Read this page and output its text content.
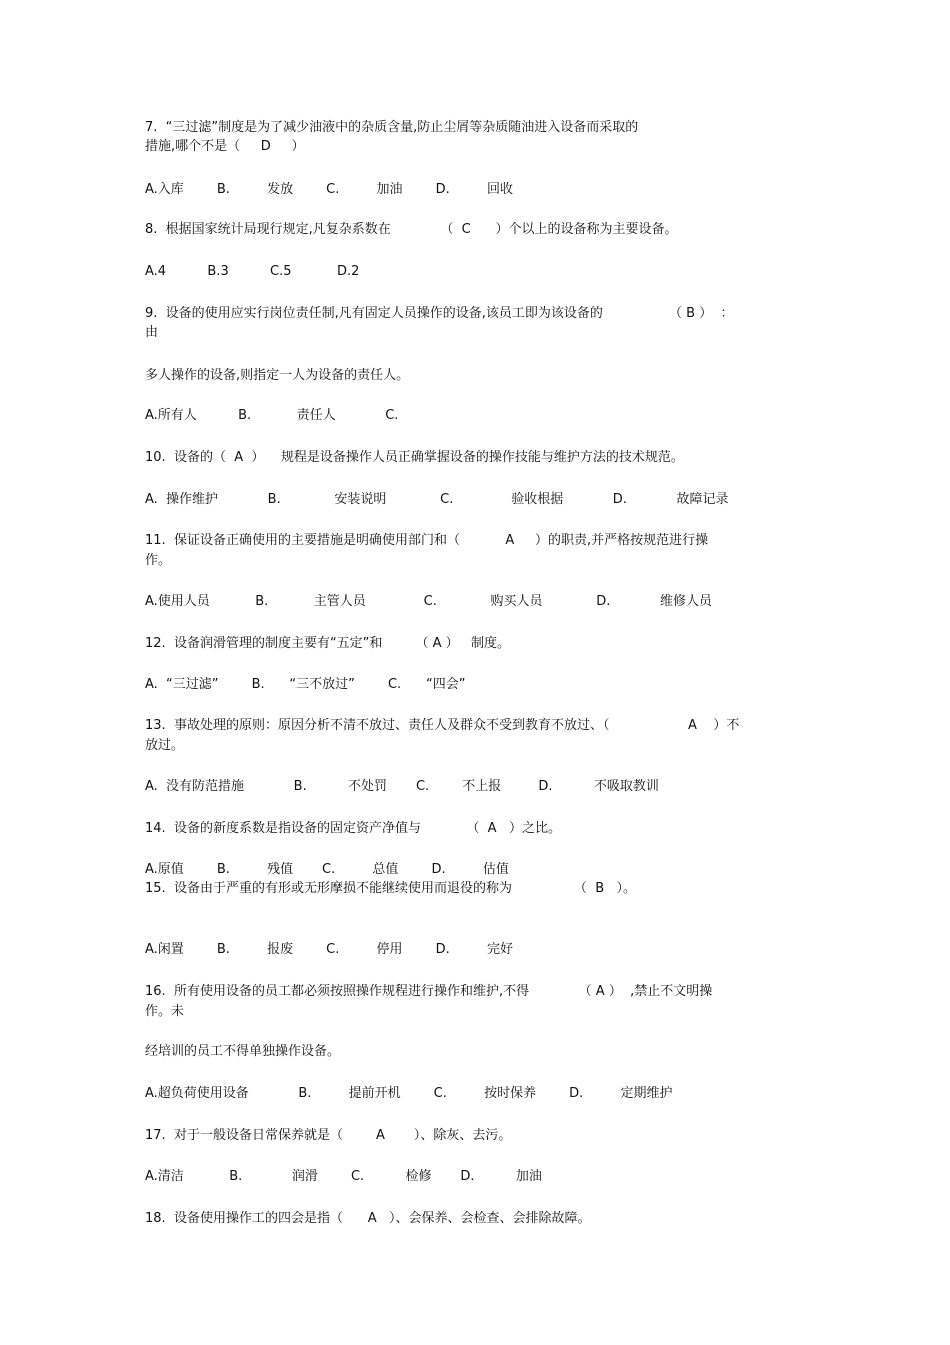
7.  “三过滤”制度是为了减少油液中的杂质含量,防止尘屑等杂质随油进入设备而采取的
措施,哪个不是（     D     ）
A.入库        B.         发放        C.         加油        D.         回收
8.  根据国家统计局现行规定,凡复杂系数在            （  C      ）个以上的设备称为主要设备。
A.4          B.3          C.5           D.2
9.  设备的使用应实行岗位责任制,凡有固定人员操作的设备,该员工即为该设备的                （ B ）  ：
由
多人操作的设备,则指定一人为设备的责任人。
A.所有人          B.           责任人            C.
10.  设备的（  A  ）    规程是设备操作人员正确掌握设备的操作技能与维护方法的技术规范。
A.  操作维护            B.             安装说明             C.              验收根据            D.            故障记录
11.  保证设备正确使用的主要措施是明确使用部门和（           A     ）的职责,并严格按规范进行操
作。
A.使用人员           B.           主管人员              C.             购买人员             D.            维修人员
12.  设备润滑管理的制度主要有“五定”和        （ A ）   制度。
A.  “三过滤”        B.      “三不放过”        C.      “四会”
13.  事故处理的原则：原因分析不清不放过、责任人及群众不受到教育不放过、（                   A    ）不
放过。
A.  没有防范措施            B.          不处罚       C.        不上报         D.          不吸取教训
14.  设备的新度系数是指设备的固定资产净值与           （  A   ）之比。
A.原值        B.         残值       C.         总值        D.         估值
15.  设备由于严重的有形或无形摩损不能继续使用而退役的称为               （  B   ）。
A.闲置        B.         报废        C.         停用        D.         完好
16.  所有使用设备的员工都必须按照操作规程进行操作和维护,不得            （ A ）  ,禁止不文明操
作。未
经培训的员工不得单独操作设备。
A.超负荷使用设备            B.         提前开机        C.         按时保养        D.         定期维护
17.  对于一般设备日常保养就是（        A       ）、除灰、去污。
A.清洁           B.            润滑        C.          检修       D.          加油
18.  设备使用操作工的四会是指（      A   ）、会保养、会检查、会排除故障。
